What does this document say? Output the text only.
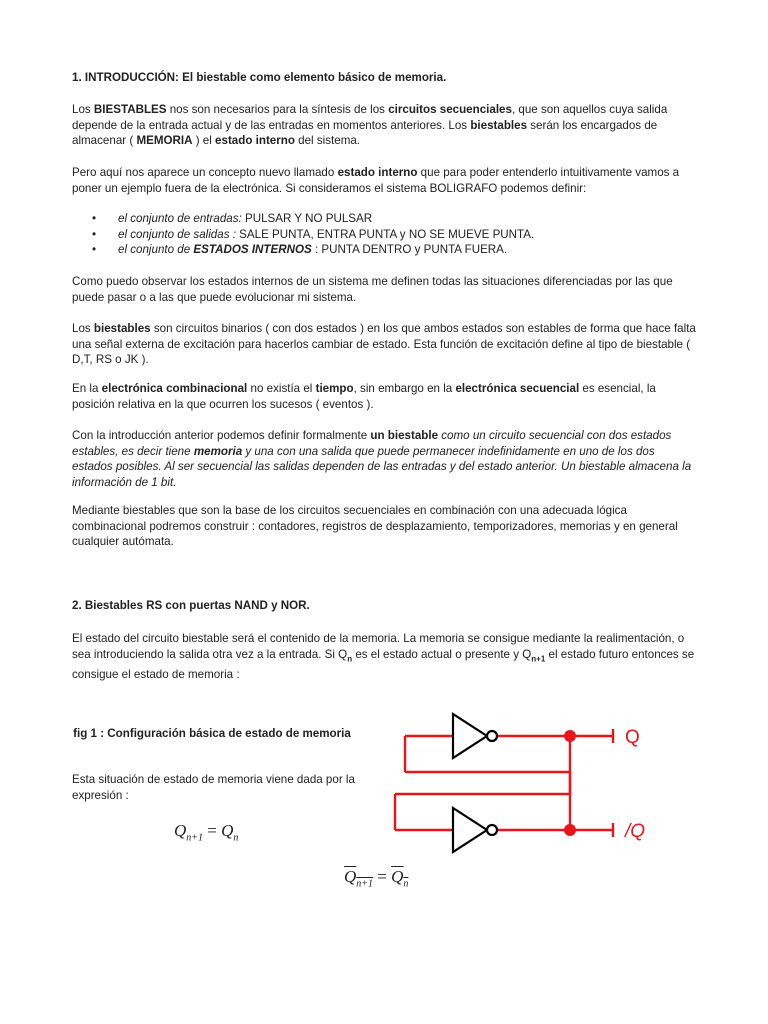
1. INTRODUCCIÓN: El biestable como elemento básico de memoria.

Los BIESTABLES nos son necesarios para la síntesis de los circuitos secuenciales, que son aquellos cuya salida depende de la entrada actual y de las entradas en momentos anteriores. Los biestables serán los encargados de almacenar ( MEMORIA ) el estado interno del sistema.

Pero aquí nos aparece un concepto nuevo llamado estado interno que para poder entenderlo intuitivamente vamos a poner un ejemplo fuera de la electrónica. Si consideramos el sistema BOLIGRAFO podemos definir:

• el conjunto de entradas: PULSAR Y NO PULSAR
• el conjunto de salidas : SALE PUNTA, ENTRA PUNTA y NO SE MUEVE PUNTA.
• el conjunto de ESTADOS INTERNOS : PUNTA DENTRO y PUNTA FUERA.

Como puedo observar los estados internos de un sistema me definen todas las situaciones diferenciadas por las que puede pasar o a las que puede evolucionar mi sistema.

Los biestables son circuitos binarios ( con dos estados ) en los que ambos estados son estables de forma que hace falta una señal externa de excitación para hacerlos cambiar de estado. Esta función de excitación define al tipo de biestable ( D,T, RS o JK ).

En la electrónica combinacional no existía el tiempo, sin embargo en la electrónica secuencial es esencial, la posición relativa en la que ocurren los sucesos ( eventos ).

Con la introducción anterior podemos definir formalmente un biestable como un circuito secuencial con dos estados estables, es decir tiene memoria y una con una salida que puede permanecer indefinidamente en uno de los dos estados posibles. Al ser secuencial las salidas dependen de las entradas y del estado anterior. Un biestable almacena la información de 1 bit.

Mediante biestables que son la base de los circuitos secuenciales en combinación con una adecuada lógica combinacional podremos construir : contadores, registros de desplazamiento, temporizadores, memorias y en general cualquier autómata.

2. Biestables RS con puertas NAND y NOR.

El estado del circuito biestable será el contenido de la memoria. La memoria se consigue mediante la realimentación, o sea introduciendo la salida otra vez a la entrada. Si $Q_n$ es el estado actual o presente y $Q_{n+1}$ el estado futuro entonces se consigue el estado de memoria :

fig 1 : Configuración básica de estado de memoria
Esta situación de estado de memoria viene dada por la expresión :
$Q_{n+1} = Q_n$
$Q_{n+1} = Q_n$
Q
/Q
